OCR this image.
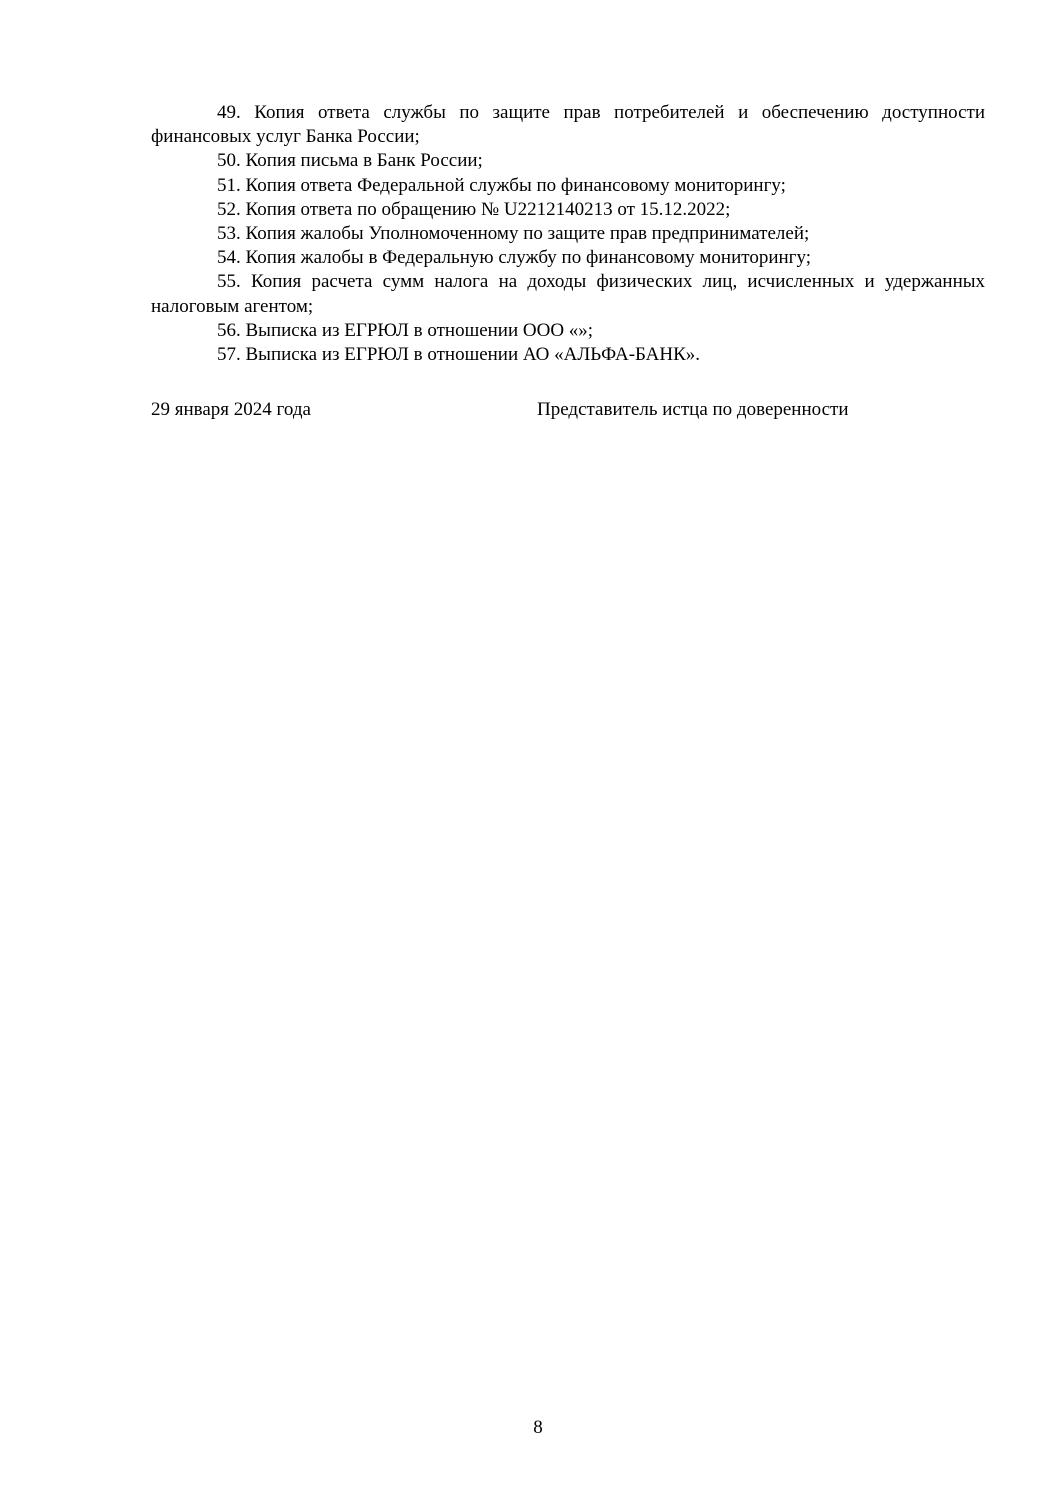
49. Копия ответа службы по защите прав потребителей и обеспечению доступности финансовых услуг Банка России;

50. Копия письма в Банк России;

51. Копия ответа Федеральной службы по финансовому мониторингу;

52. Копия ответа по обращению № U2212140213 от 15.12.2022;

53. Копия жалобы Уполномоченному по защите прав предпринимателей;

54. Копия жалобы в Федеральную службу по финансовому мониторингу;

55. Копия расчета сумм налога на доходы физических лиц, исчисленных и удержанных налоговым агентом;

56. Выписка из ЕГРЮЛ в отношении ООО «»;

57. Выписка из ЕГРЮЛ в отношении АО «АЛЬФА-БАНК».

29 января 2024 года	Представитель истца по доверенности
8
